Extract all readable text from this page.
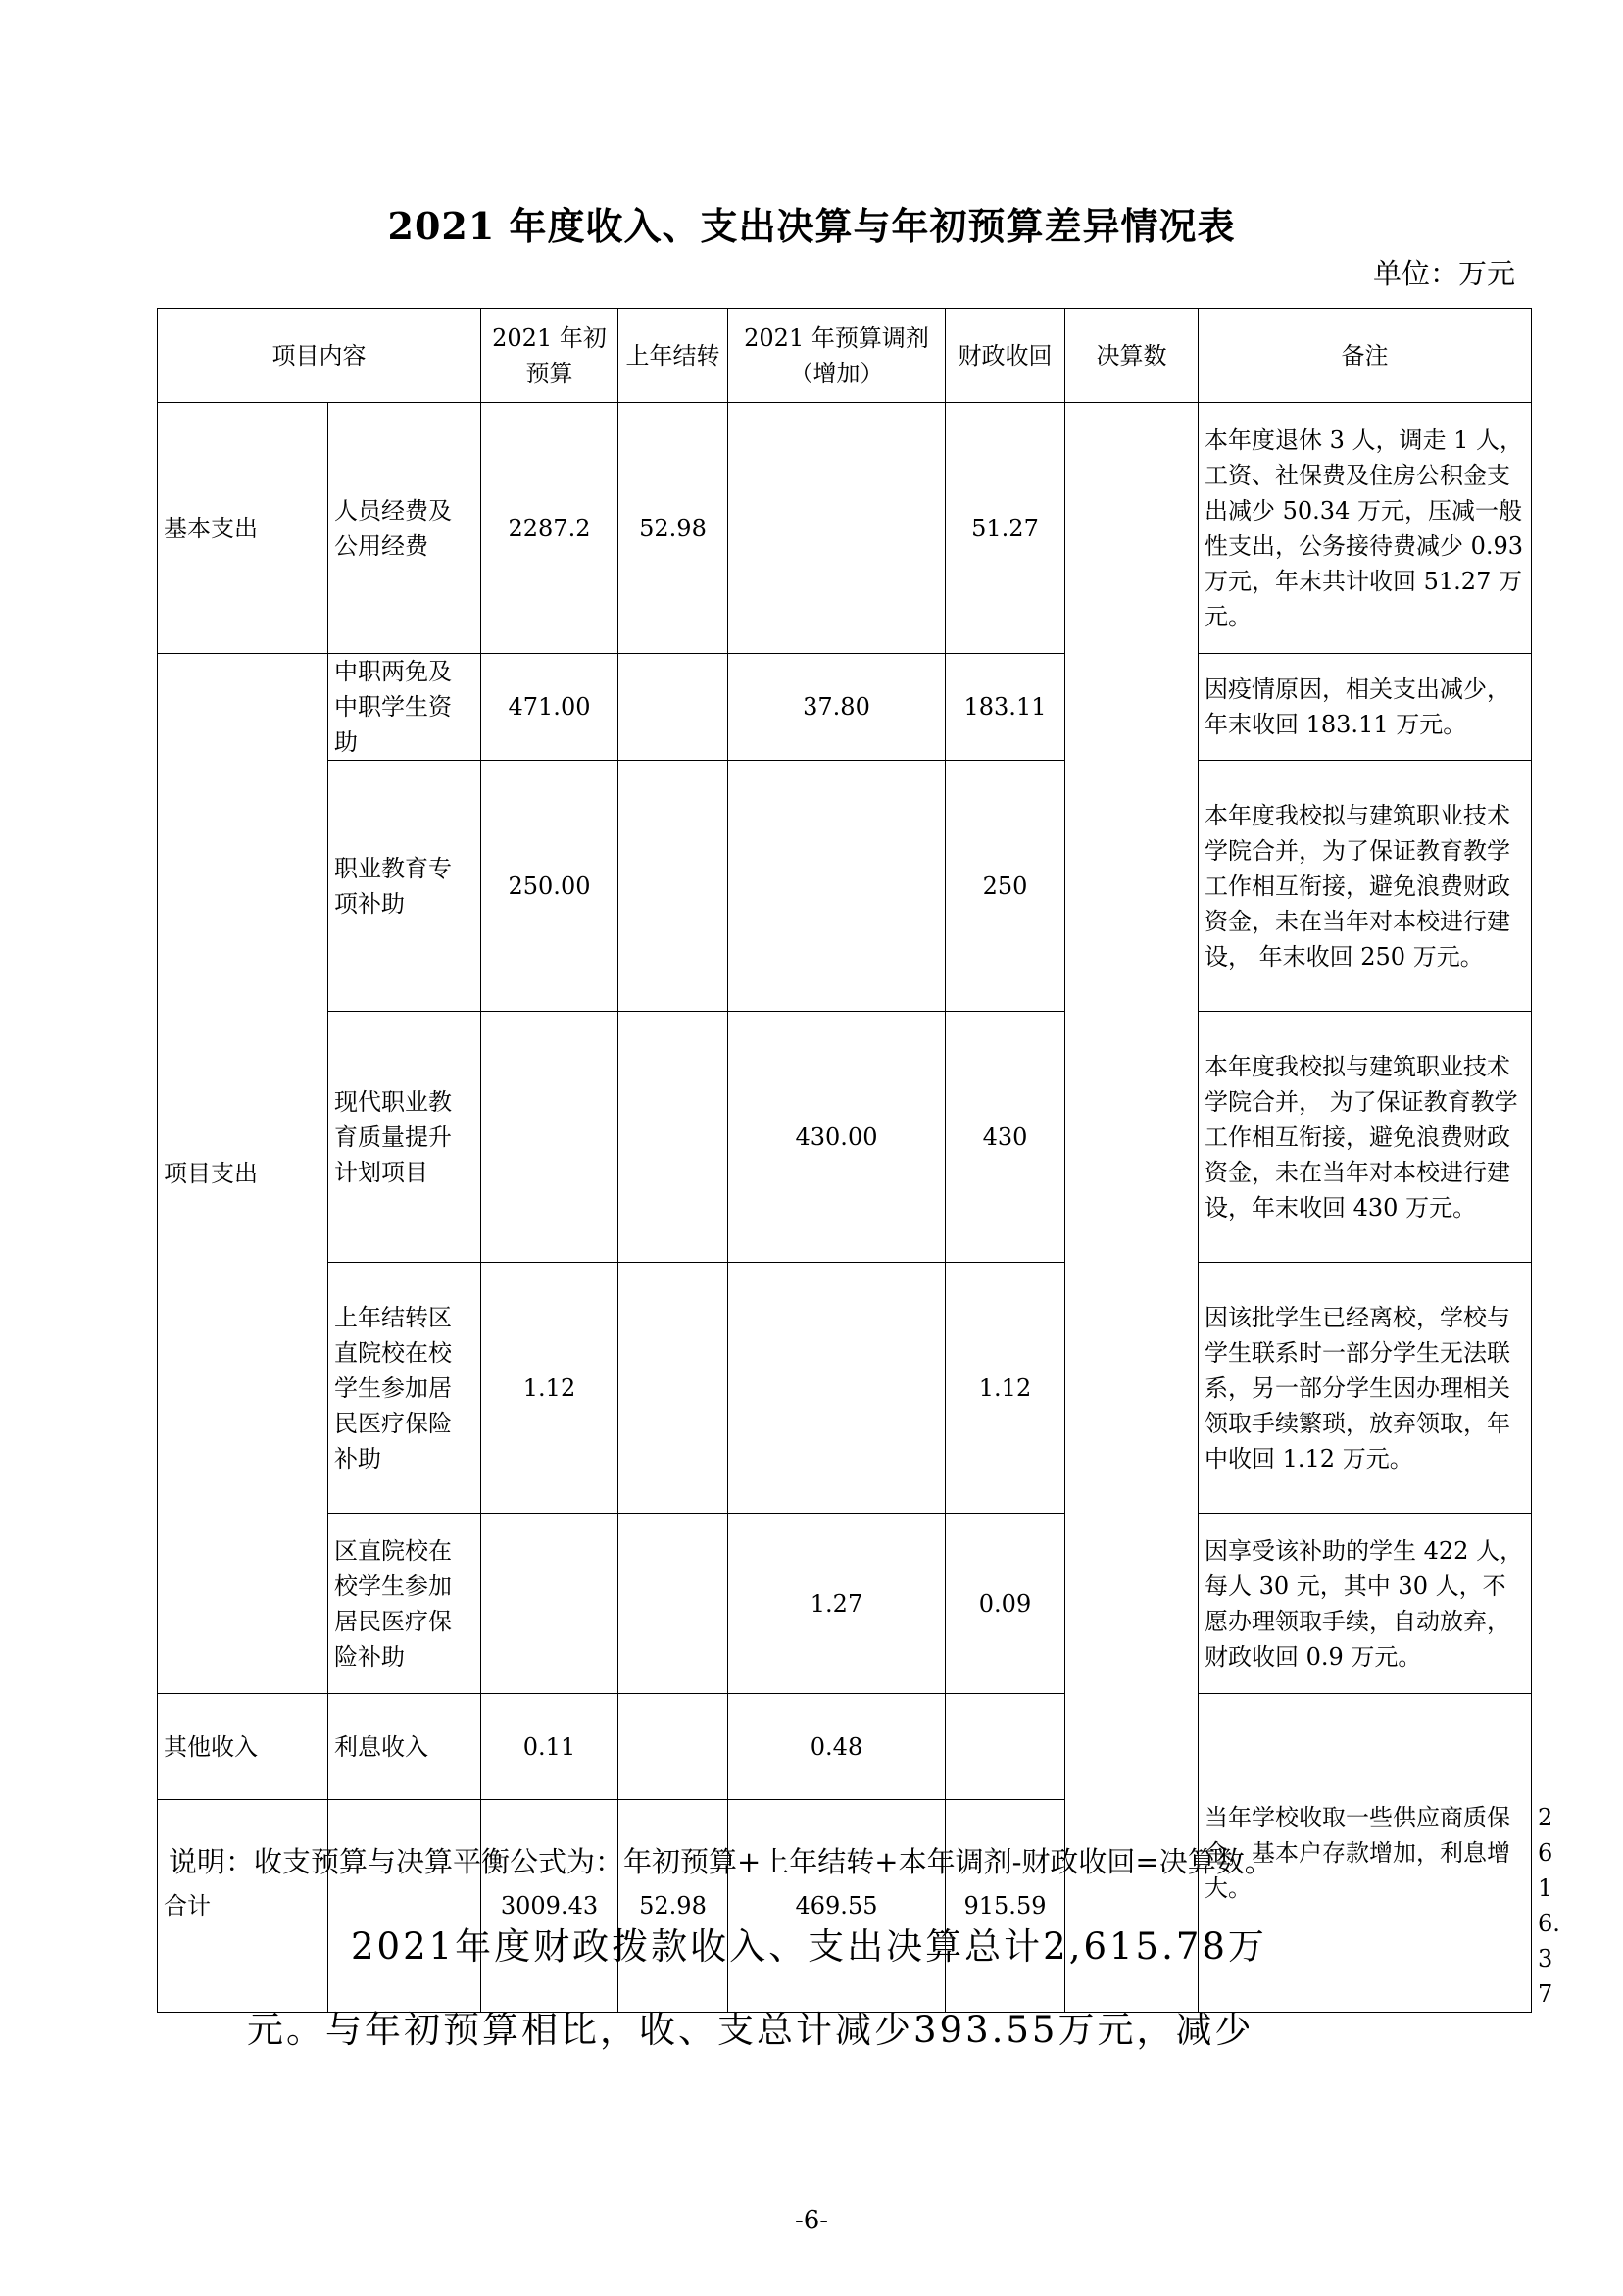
2021 年度收入、支出决算与年初预算差异情况表
单位：万元
项目内容		2021 年初预算	上年结转	2021 年预算调剂（增加）	财政收回	决算数	备注	
基本支出	人员经费及公用经费	2287.2	52.98		51.27		本年度退休 3 人，调走 1 人，工资、社保费及住房公积金支出减少 50.34 万元，压减一般性支出，公务接待费减少 0.93 万元，年末共计收回 51.27 万元。	
项目支出	中职两免及中职学生资助	471.00		37.80	183.11		因疫情原因，相关支出减少，年末收回 183.11 万元。	
	职业教育专项补助	250.00			250		本年度我校拟与建筑职业技术学院合并，为了保证教育教学工作相互衔接，避免浪费财政资金，未在当年对本校进行建设， 年末收回 250 万元。	
	现代职业教育质量提升计划项目			430.00	430		本年度我校拟与建筑职业技术学院合并， 为了保证教育教学工作相互衔接，避免浪费财政资金，未在当年对本校进行建设，年末收回 430 万元。	
	上年结转区直院校在校学生参加居民医疗保险补助	1.12			1.12		因该批学生已经离校，学校与学生联系时一部分学生无法联系，另一部分学生因办理相关领取手续繁琐，放弃领取，年中收回 1.12 万元。	
	区直院校在校学生参加居民医疗保险补助			1.27	0.09		因享受该补助的学生 422 人，每人 30 元，其中 30 人，不愿办理领取手续，自动放弃， 财政收回 0.9 万元。	
其他收入	利息收入	0.11		0.48			当年学校收取一些供应商质保金，基本户存款增加，利息增大。	
合计		3009.43	52.98	469.55	915.59			2616.37
说明：收支预算与决算平衡公式为：年初预算+上年结转+本年调剂-财政收回=决算数。
2021年度财政拨款收入、支出决算总计2,615.78万
元。与年初预算相比，收、支总计减少393.55万元，减少
-6-
